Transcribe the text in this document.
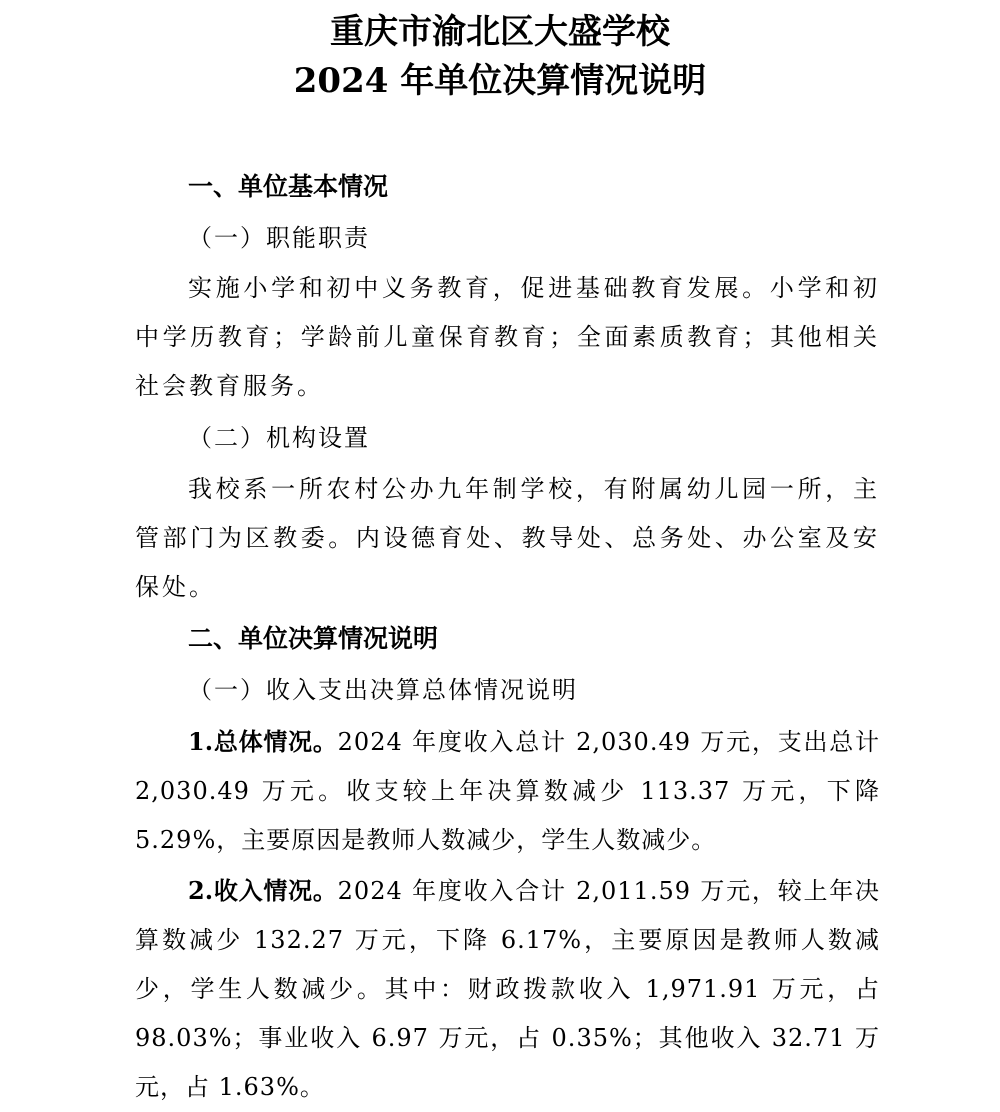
重庆市渝北区大盛学校
2024 年单位决算情况说明

一、单位基本情况

（一）职能职责

实施小学和初中义务教育，促进基础教育发展。小学和初中学历教育；学龄前儿童保育教育；全面素质教育；其他相关社会教育服务。

（二）机构设置

我校系一所农村公办九年制学校，有附属幼儿园一所，主管部门为区教委。内设德育处、教导处、总务处、办公室及安保处。

二、单位决算情况说明

（一）收入支出决算总体情况说明

1.总体情况。2024 年度收入总计 2,030.49 万元，支出总计 2,030.49 万元。收支较上年决算数减少 113.37 万元，下降 5.29%，主要原因是教师人数减少，学生人数减少。

2.收入情况。2024 年度收入合计 2,011.59 万元，较上年决算数减少 132.27 万元，下降 6.17%，主要原因是教师人数减少，学生人数减少。其中：财政拨款收入 1,971.91 万元，占 98.03%；事业收入 6.97 万元，占 0.35%；其他收入 32.71 万元，占 1.63%。
